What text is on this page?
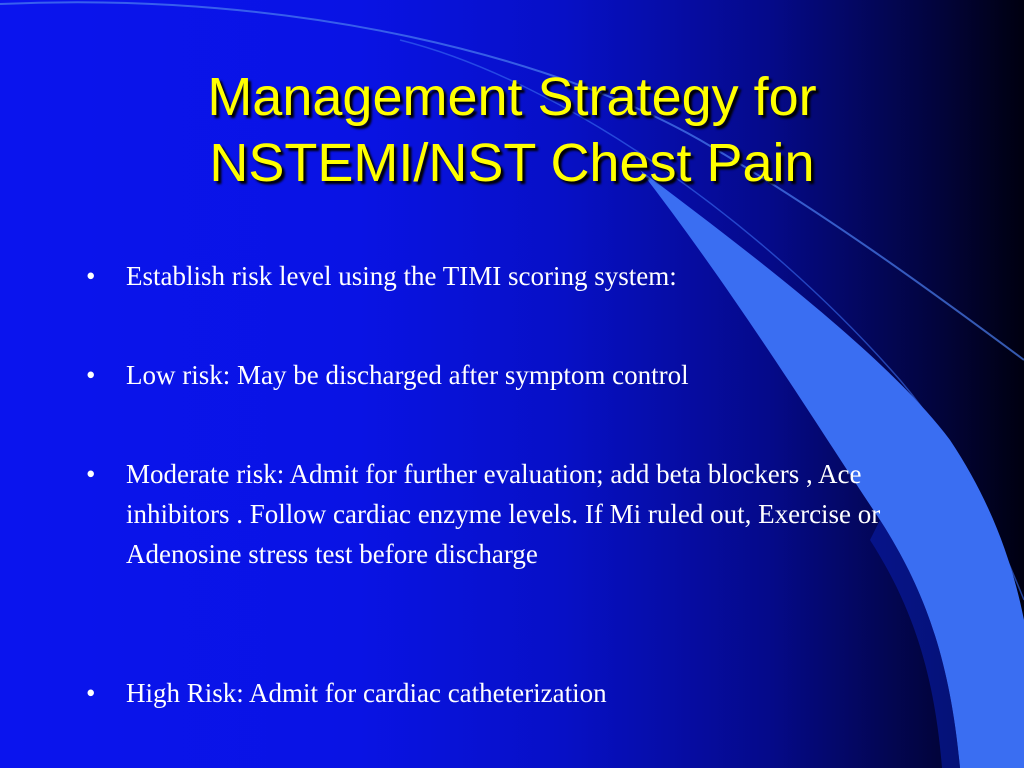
Management Strategy for
NSTEMI/NST Chest Pain
•	Establish risk level using the TIMI scoring system:
•	Low risk: May be discharged after symptom control
•	Moderate risk: Admit for further evaluation; add beta blockers , Ace inhibitors . Follow cardiac enzyme levels. If Mi ruled out, Exercise or Adenosine stress test before discharge
•	High Risk: Admit for cardiac catheterization
